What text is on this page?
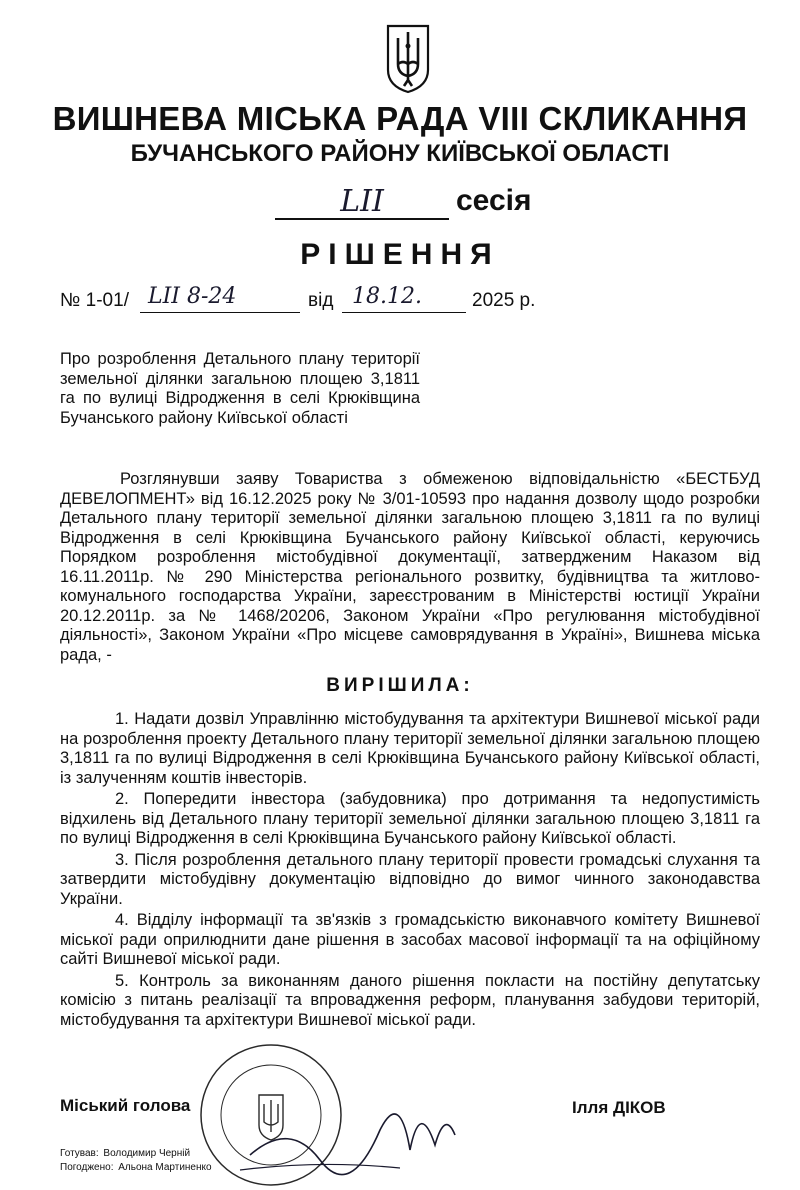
ВИШНЕВА МІСЬКА РАДА VIII СКЛИКАННЯ
БУЧАНСЬКОГО РАЙОНУ КИЇВСЬКОЇ ОБЛАСТІ
LII	сесія
РІШЕННЯ
№ 1-01/ LII 8-24	від 18.12.	2025 р.
Про розроблення Детального плану території земельної ділянки загальною площею 3,1811 га по вулиці Відродження в селі Крюківщина Бучанського району Київської області
Розглянувши заяву Товариства з обмеженою відповідальністю «БЕСТБУД ДЕВЕЛОПМЕНТ» від 16.12.2025 року № 3/01-10593 про надання дозволу щодо розробки Детального плану території земельної ділянки загальною площею 3,1811 га по вулиці Відродження в селі Крюківщина Бучанського району Київської області, керуючись Порядком розроблення містобудівної документації, затвердженим Наказом від 16.11.2011р. № 290 Міністерства регіонального розвитку, будівництва та житлово-комунального господарства України, зареєстрованим в Міністерстві юстиції України 20.12.2011р. за № 1468/20206, Законом України «Про регулювання містобудівної діяльності», Законом України «Про місцеве самоврядування в Україні», Вишнева міська рада, -
ВИРІШИЛА:

1. Надати дозвіл Управлінню містобудування та архітектури Вишневої міської ради на розроблення проекту Детального плану території земельної ділянки загальною площею 3,1811 га по вулиці Відродження в селі Крюківщина Бучанського району Київської області, із залученням коштів інвесторів.

2. Попередити інвестора (забудовника) про дотримання та недопустимість відхилень від Детального плану території земельної ділянки загальною площею 3,1811 га по вулиці Відродження в селі Крюківщина Бучанського району Київської області.

3. Після розроблення детального плану території провести громадські слухання та затвердити містобудівну документацію відповідно до вимог чинного законодавства України.

4. Відділу інформації та зв'язків з громадськістю виконавчого комітету Вишневої міської ради оприлюднити дане рішення в засобах масової інформації та на офіційному сайті Вишневої міської ради.

5. Контроль за виконанням даного рішення покласти на постійну депутатську комісію з питань реалізації та впровадження реформ, планування забудови територій, містобудування та архітектури Вишневої міської ради.

Міський голова	Ілля ДІКОВ
Готував: Володимир Черній
Погоджено: Альона Мартиненко
